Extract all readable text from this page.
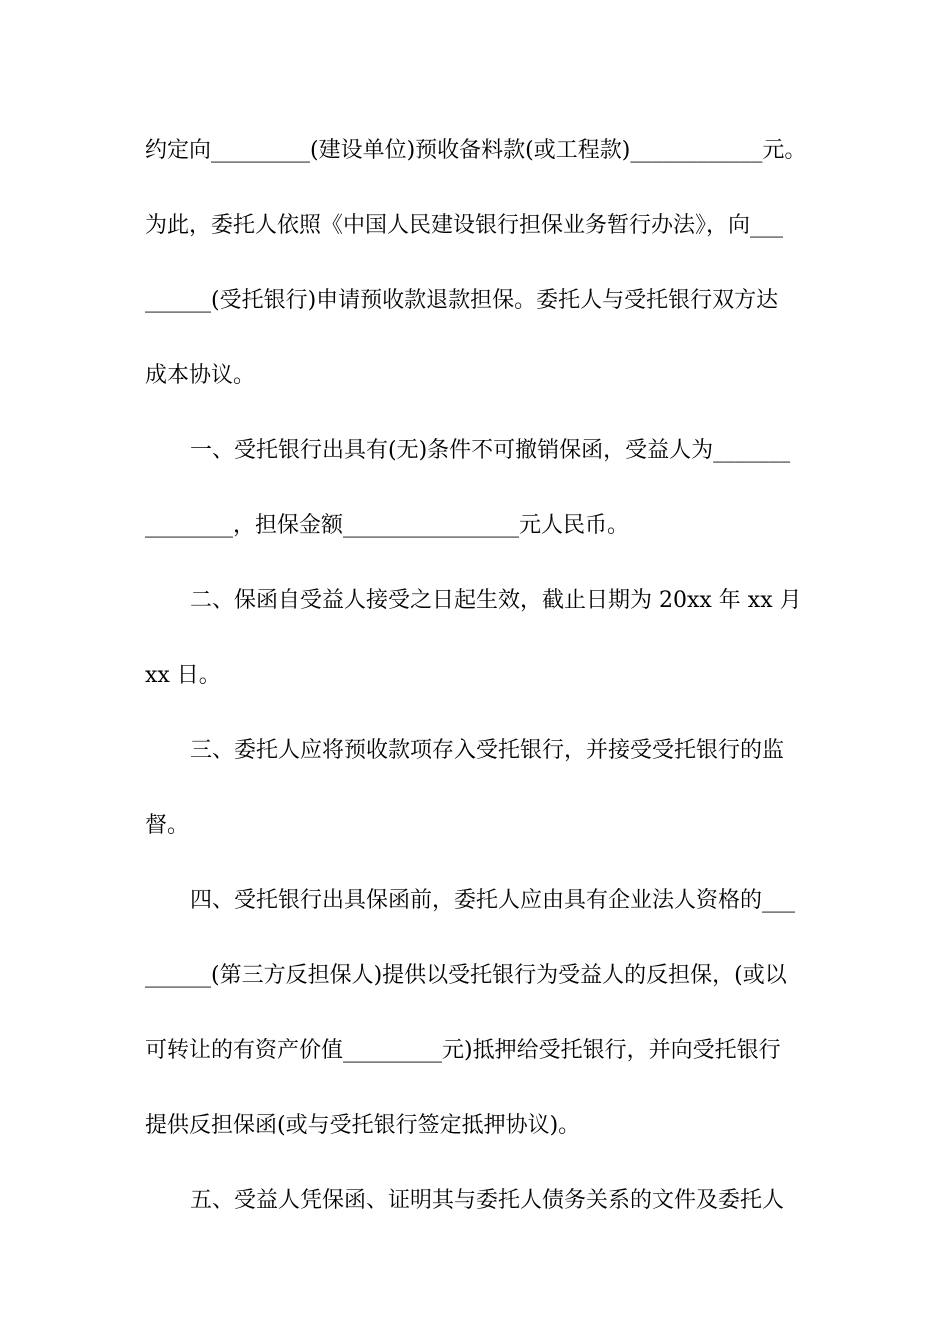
约定向_________(建设单位)预收备料款(或工程款)____________元。
为此，委托人依照《中国人民建设银行担保业务暂行办法》，向___
______(受托银行)申请预收款退款担保。委托人与受托银行双方达
成本协议。
一、受托银行出具有(无)条件不可撤销保函，受益人为_______
________，担保金额________________元人民币。
二、保函自受益人接受之日起生效，截止日期为 20xx 年 xx 月
xx 日。
三、委托人应将预收款项存入受托银行，并接受受托银行的监
督。
四、受托银行出具保函前，委托人应由具有企业法人资格的___
______(第三方反担保人)提供以受托银行为受益人的反担保，(或以
可转让的有资产价值_________元)抵押给受托银行，并向受托银行
提供反担保函(或与受托银行签定抵押协议)。
五、受益人凭保函、证明其与委托人债务关系的文件及委托人
